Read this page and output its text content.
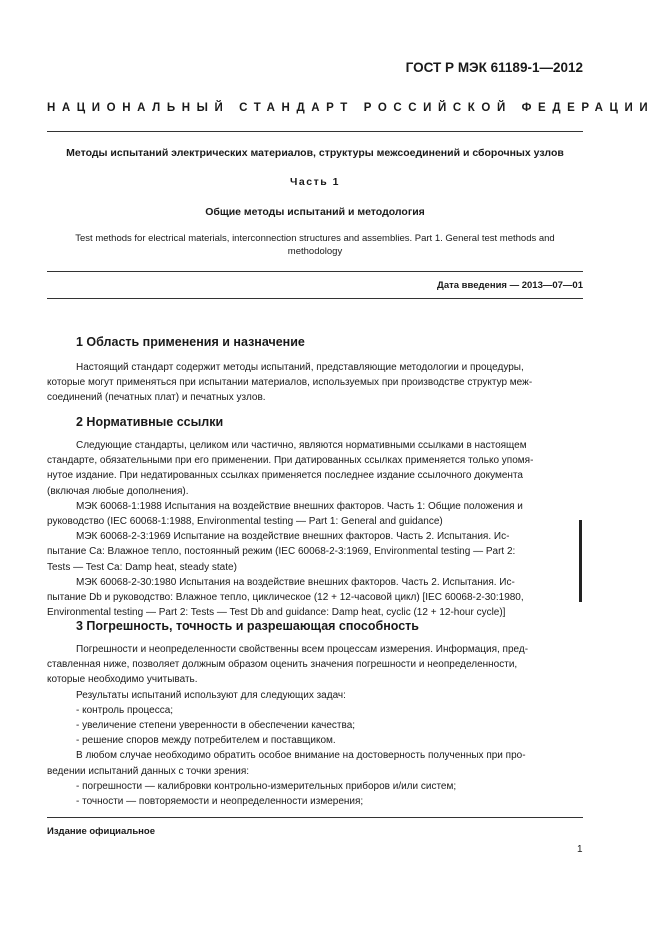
ГОСТ Р МЭК 61189-1—2012
НАЦИОНАЛЬНЫЙ СТАНДАРТ РОССИЙСКОЙ ФЕДЕРАЦИИ
Методы испытаний электрических материалов, структуры межсоединений и сборочных узлов
Часть 1
Общие методы испытаний и методология
Test methods for electrical materials, interconnection structures and assemblies. Part 1. General test methods and
methodology
Дата введения — 2013—07—01
1 Область применения и назначение
Настоящий стандарт содержит методы испытаний, представляющие методологии и процедуры,
которые могут применяться при испытании материалов, используемых при производстве структур меж-
соединений (печатных плат) и печатных узлов.
2 Нормативные ссылки
Следующие стандарты, целиком или частично, являются нормативными ссылками в настоящем
стандарте, обязательными при его применении. При датированных ссылках применяется только упомя-
нутое издание. При недатированных ссылках применяется последнее издание ссылочного документа
(включая любые дополнения).
МЭК 60068-1:1988 Испытания на воздействие внешних факторов. Часть 1: Общие положения и
руководство (IEC 60068-1:1988, Environmental testing — Part 1: General and guidance)
МЭК 60068-2-3:1969 Испытание на воздействие внешних факторов. Часть 2. Испытания. Ис-
пытание Са: Влажное тепло, постоянный режим (IEC 60068-2-3:1969, Environmental testing — Part 2:
Tests — Test Ca: Damp heat, steady state)
МЭК 60068-2-30:1980 Испытания на воздействие внешних факторов. Часть 2. Испытания. Ис-
пытание Db и руководство: Влажное тепло, циклическое (12 + 12-часовой цикл) [IEC 60068-2-30:1980,
Environmental testing — Part 2: Tests — Test Db and guidance: Damp heat, cyclic (12 + 12-hour cycle)]
3 Погрешность, точность и разрешающая способность
Погрешности и неопределенности свойственны всем процессам измерения. Информация, пред-
ставленная ниже, позволяет должным образом оценить значения погрешности и неопределенности,
которые необходимо учитывать.
Результаты испытаний используют для следующих задач:
- контроль процесса;
- увеличение степени уверенности в обеспечении качества;
- решение споров между потребителем и поставщиком.
В любом случае необходимо обратить особое внимание на достоверность полученных при про-
ведении испытаний данных с точки зрения:
- погрешности — калибровки контрольно-измерительных приборов и/или систем;
- точности — повторяемости и неопределенности измерения;
Издание официальное
1
